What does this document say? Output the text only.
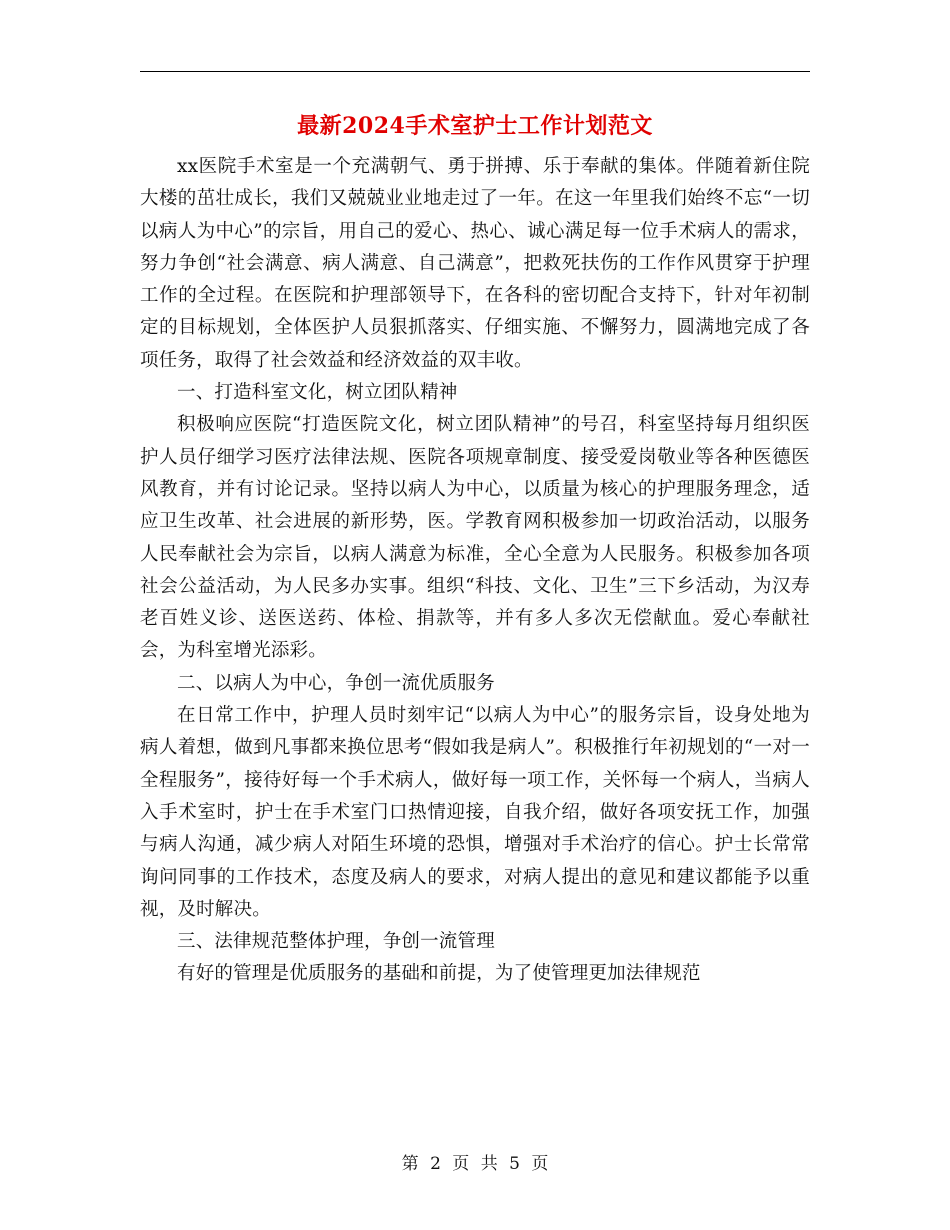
最新2024手术室护士工作计划范文

xx医院手术室是一个充满朝气、勇于拼搏、乐于奉献的集体。伴随着新住院大楼的茁壮成长，我们又兢兢业业地走过了一年。在这一年里我们始终不忘“一切以病人为中心”的宗旨，用自己的爱心、热心、诚心满足每一位手术病人的需求，努力争创“社会满意、病人满意、自己满意”，把救死扶伤的工作作风贯穿于护理工作的全过程。在医院和护理部领导下，在各科的密切配合支持下，针对年初制定的目标规划，全体医护人员狠抓落实、仔细实施、不懈努力，圆满地完成了各项任务，取得了社会效益和经济效益的双丰收。

一、打造科室文化，树立团队精神

积极响应医院“打造医院文化，树立团队精神”的号召，科室坚持每月组织医护人员仔细学习医疗法律法规、医院各项规章制度、接受爱岗敬业等各种医德医风教育，并有讨论记录。坚持以病人为中心，以质量为核心的护理服务理念，适应卫生改革、社会进展的新形势，医。学教育网积极参加一切政治活动，以服务人民奉献社会为宗旨，以病人满意为标准，全心全意为人民服务。积极参加各项社会公益活动，为人民多办实事。组织“科技、文化、卫生”三下乡活动，为汉寿老百姓义诊、送医送药、体检、捐款等，并有多人多次无偿献血。爱心奉献社会，为科室增光添彩。

二、以病人为中心，争创一流优质服务

在日常工作中，护理人员时刻牢记“以病人为中心”的服务宗旨，设身处地为病人着想，做到凡事都来换位思考“假如我是病人”。积极推行年初规划的“一对一全程服务”，接待好每一个手术病人，做好每一项工作，关怀每一个病人，当病人入手术室时，护士在手术室门口热情迎接，自我介绍，做好各项安抚工作，加强与病人沟通，减少病人对陌生环境的恐惧，增强对手术治疗的信心。护士长常常询问同事的工作技术，态度及病人的要求，对病人提出的意见和建议都能予以重视，及时解决。

三、法律规范整体护理，争创一流管理

有好的管理是优质服务的基础和前提，为了使管理更加法律规范

第 2 页 共 5 页
